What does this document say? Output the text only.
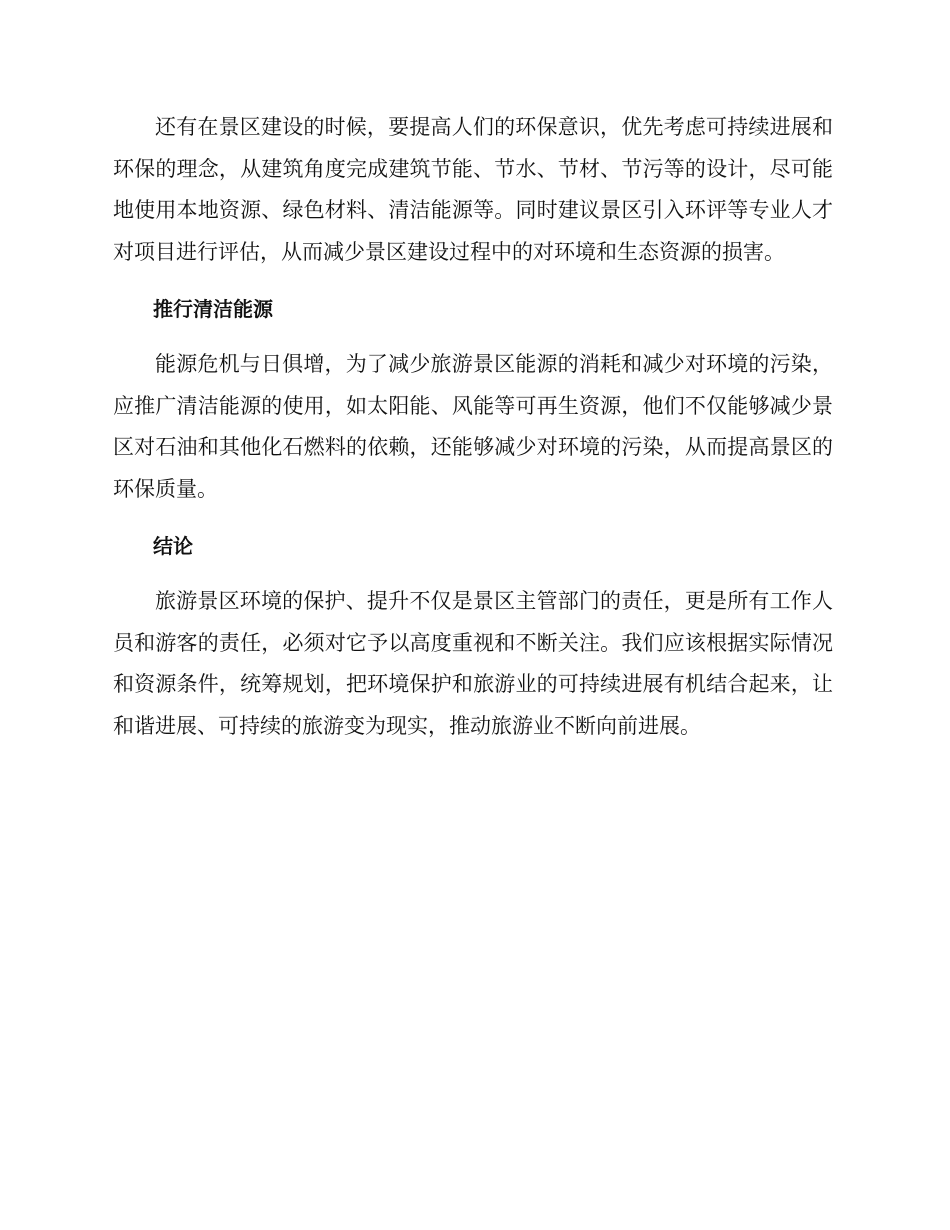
还有在景区建设的时候，要提高人们的环保意识，优先考虑可持续进展和环保的理念，从建筑角度完成建筑节能、节水、节材、节污等的设计，尽可能地使用本地资源、绿色材料、清洁能源等。同时建议景区引入环评等专业人才对项目进行评估，从而减少景区建设过程中的对环境和生态资源的损害。

推行清洁能源

能源危机与日俱增，为了减少旅游景区能源的消耗和减少对环境的污染，应推广清洁能源的使用，如太阳能、风能等可再生资源，他们不仅能够减少景区对石油和其他化石燃料的依赖，还能够减少对环境的污染，从而提高景区的环保质量。

结论

旅游景区环境的保护、提升不仅是景区主管部门的责任，更是所有工作人员和游客的责任，必须对它予以高度重视和不断关注。我们应该根据实际情况和资源条件，统筹规划，把环境保护和旅游业的可持续进展有机结合起来，让和谐进展、可持续的旅游变为现实，推动旅游业不断向前进展。
